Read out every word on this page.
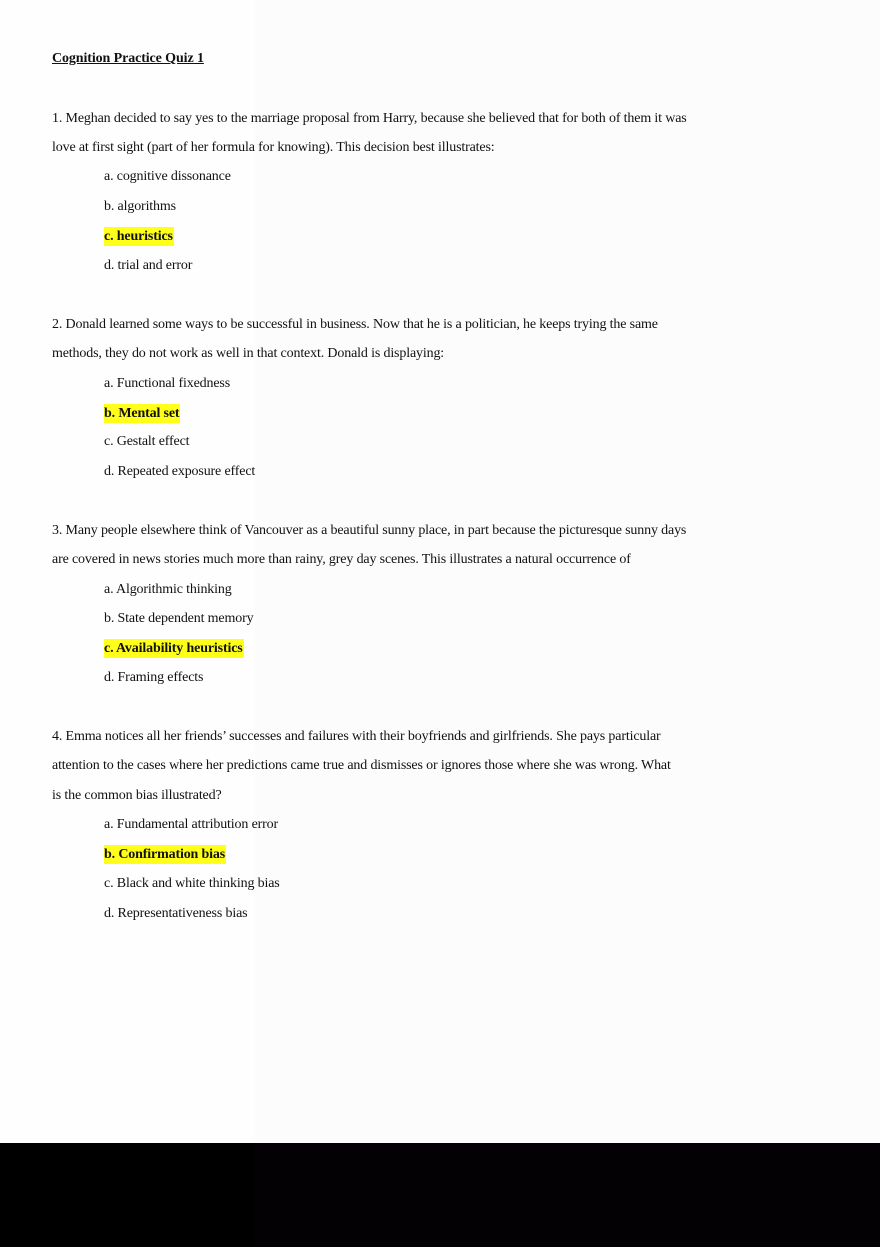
Cognition Practice Quiz 1
1. Meghan decided to say yes to the marriage proposal from Harry, because she believed that for both of them it was
love at first sight (part of her formula for knowing). This decision best illustrates:
a. cognitive dissonance
b. algorithms
c. heuristics
d. trial and error
2. Donald learned some ways to be successful in business. Now that he is a politician, he keeps trying the same
methods, they do not work as well in that context. Donald is displaying:
a. Functional fixedness
b. Mental set
c. Gestalt effect
d. Repeated exposure effect
3. Many people elsewhere think of Vancouver as a beautiful sunny place, in part because the picturesque sunny days
are covered in news stories much more than rainy, grey day scenes. This illustrates a natural occurrence of
a. Algorithmic thinking
b. State dependent memory
c. Availability heuristics
d. Framing effects
4. Emma notices all her friends’ successes and failures with their boyfriends and girlfriends. She pays particular
attention to the cases where her predictions came true and dismisses or ignores those where she was wrong. What
is the common bias illustrated?
a. Fundamental attribution error
b. Confirmation bias
c. Black and white thinking bias
d. Representativeness bias
